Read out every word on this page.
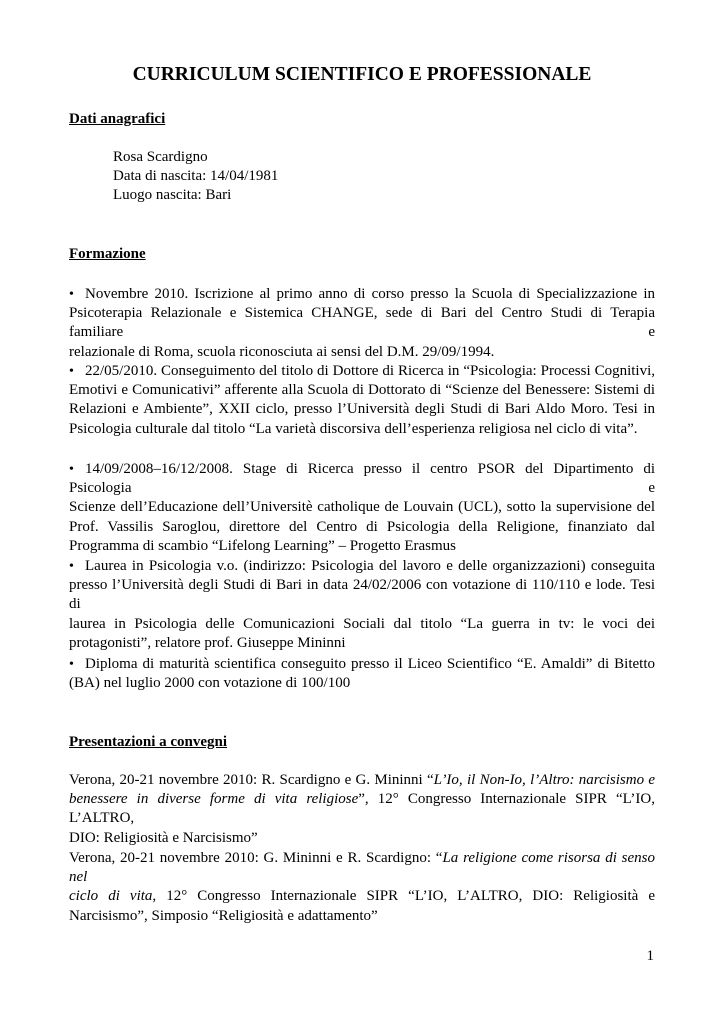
CURRICULUM SCIENTIFICO E PROFESSIONALE
Dati anagrafici
Rosa Scardigno
Data di nascita: 14/04/1981
Luogo nascita: Bari
Formazione
• Novembre 2010. Iscrizione al primo anno di corso presso la Scuola di Specializzazione in
Psicoterapia Relazionale e Sistemica CHANGE, sede di Bari del Centro Studi di Terapia familiare e
relazionale di Roma, scuola riconosciuta ai sensi del D.M. 29/09/1994.
• 22/05/2010. Conseguimento del titolo di Dottore di Ricerca in “Psicologia: Processi Cognitivi,
Emotivi e Comunicativi” afferente alla Scuola di Dottorato di “Scienze del Benessere: Sistemi di
Relazioni e Ambiente”, XXII ciclo, presso l’Università degli Studi di Bari Aldo Moro. Tesi in
Psicologia culturale dal titolo “La varietà discorsiva dell’esperienza religiosa nel ciclo di vita”.
• 14/09/2008–16/12/2008. Stage di Ricerca presso il centro PSOR del Dipartimento di Psicologia e
Scienze dell’Educazione dell’Universitè catholique de Louvain (UCL), sotto la supervisione del
Prof. Vassilis Saroglou, direttore del Centro di Psicologia della Religione, finanziato dal
Programma di scambio “Lifelong Learning” – Progetto Erasmus
• Laurea in Psicologia v.o. (indirizzo: Psicologia del lavoro e delle organizzazioni) conseguita
presso l’Università degli Studi di Bari in data 24/02/2006 con votazione di 110/110 e lode. Tesi di
laurea in Psicologia delle Comunicazioni Sociali dal titolo “La guerra in tv: le voci dei
protagonisti”, relatore prof. Giuseppe Mininni
• Diploma di maturità scientifica conseguito presso il Liceo Scientifico “E. Amaldi” di Bitetto
(BA) nel luglio 2000 con votazione di 100/100
Presentazioni a convegni
Verona, 20-21 novembre 2010: R. Scardigno e G. Mininni “L’Io, il Non-Io, l’Altro: narcisismo e
benessere in diverse forme di vita religiose”, 12° Congresso Internazionale SIPR “L’IO, L’ALTRO,
DIO: Religiosità e Narcisismo”
Verona, 20-21 novembre 2010: G. Mininni e R. Scardigno: “La religione come risorsa di senso nel
ciclo di vita, 12° Congresso Internazionale SIPR “L’IO, L’ALTRO, DIO: Religiosità e
Narcisismo”, Simposio “Religiosità e adattamento”
1
